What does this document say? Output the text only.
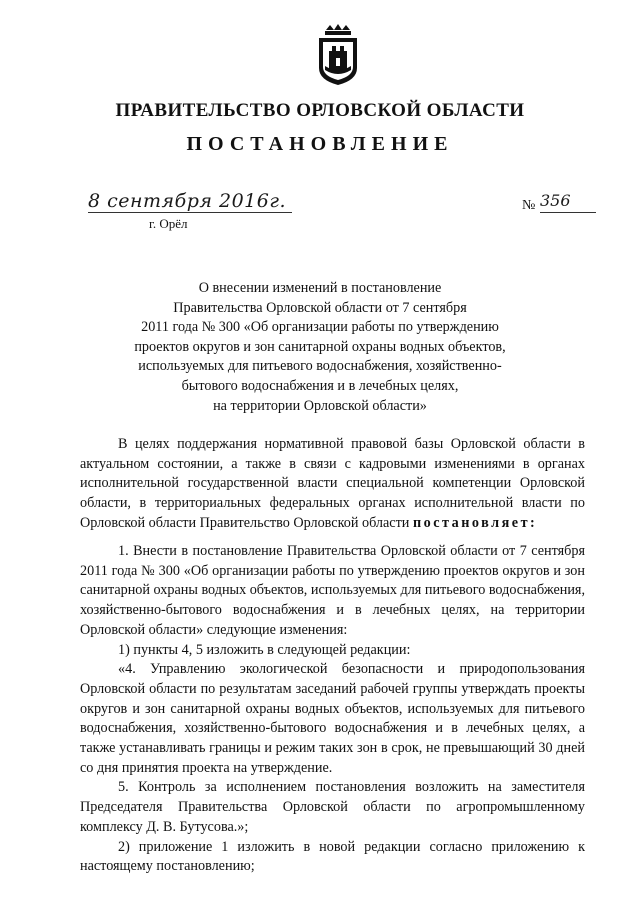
ПРАВИТЕЛЬСТВО ОРЛОВСКОЙ ОБЛАСТИ
ПОСТАНОВЛЕНИЕ
8 сентября 2016г.
г. Орёл
№ 356
О внесении изменений в постановление
Правительства Орловской области от 7 сентября
2011 года № 300 «Об организации работы по утверждению
проектов округов и зон санитарной охраны водных объектов,
используемых для питьевого водоснабжения, хозяйственно-
бытового водоснабжения и в лечебных целях,
на территории Орловской области»

В целях поддержания нормативной правовой базы Орловской области в актуальном состоянии, а также в связи с кадровыми изменениями в органах исполнительной государственной власти специальной компетенции Орловской области, в территориальных федеральных органах исполнительной власти по Орловской области Правительство Орловской области постановляет:

1. Внести в постановление Правительства Орловской области от 7 сентября 2011 года № 300 «Об организации работы по утверждению проектов округов и зон санитарной охраны водных объектов, используемых для питьевого водоснабжения, хозяйственно-бытового водоснабжения и в лечебных целях, на территории Орловской области» следующие изменения:

1) пункты 4, 5 изложить в следующей редакции:

«4. Управлению экологической безопасности и природопользования Орловской области по результатам заседаний рабочей группы утверждать проекты округов и зон санитарной охраны водных объектов, используемых для питьевого водоснабжения, хозяйственно-бытового водоснабжения и в лечебных целях, а также устанавливать границы и режим таких зон в срок, не превышающий 30 дней со дня принятия проекта на утверждение.

5. Контроль за исполнением постановления возложить на заместителя Председателя Правительства Орловской области по агропромышленному комплексу Д. В. Бутусова.»;

2) приложение 1 изложить в новой редакции согласно приложению к настоящему постановлению;
